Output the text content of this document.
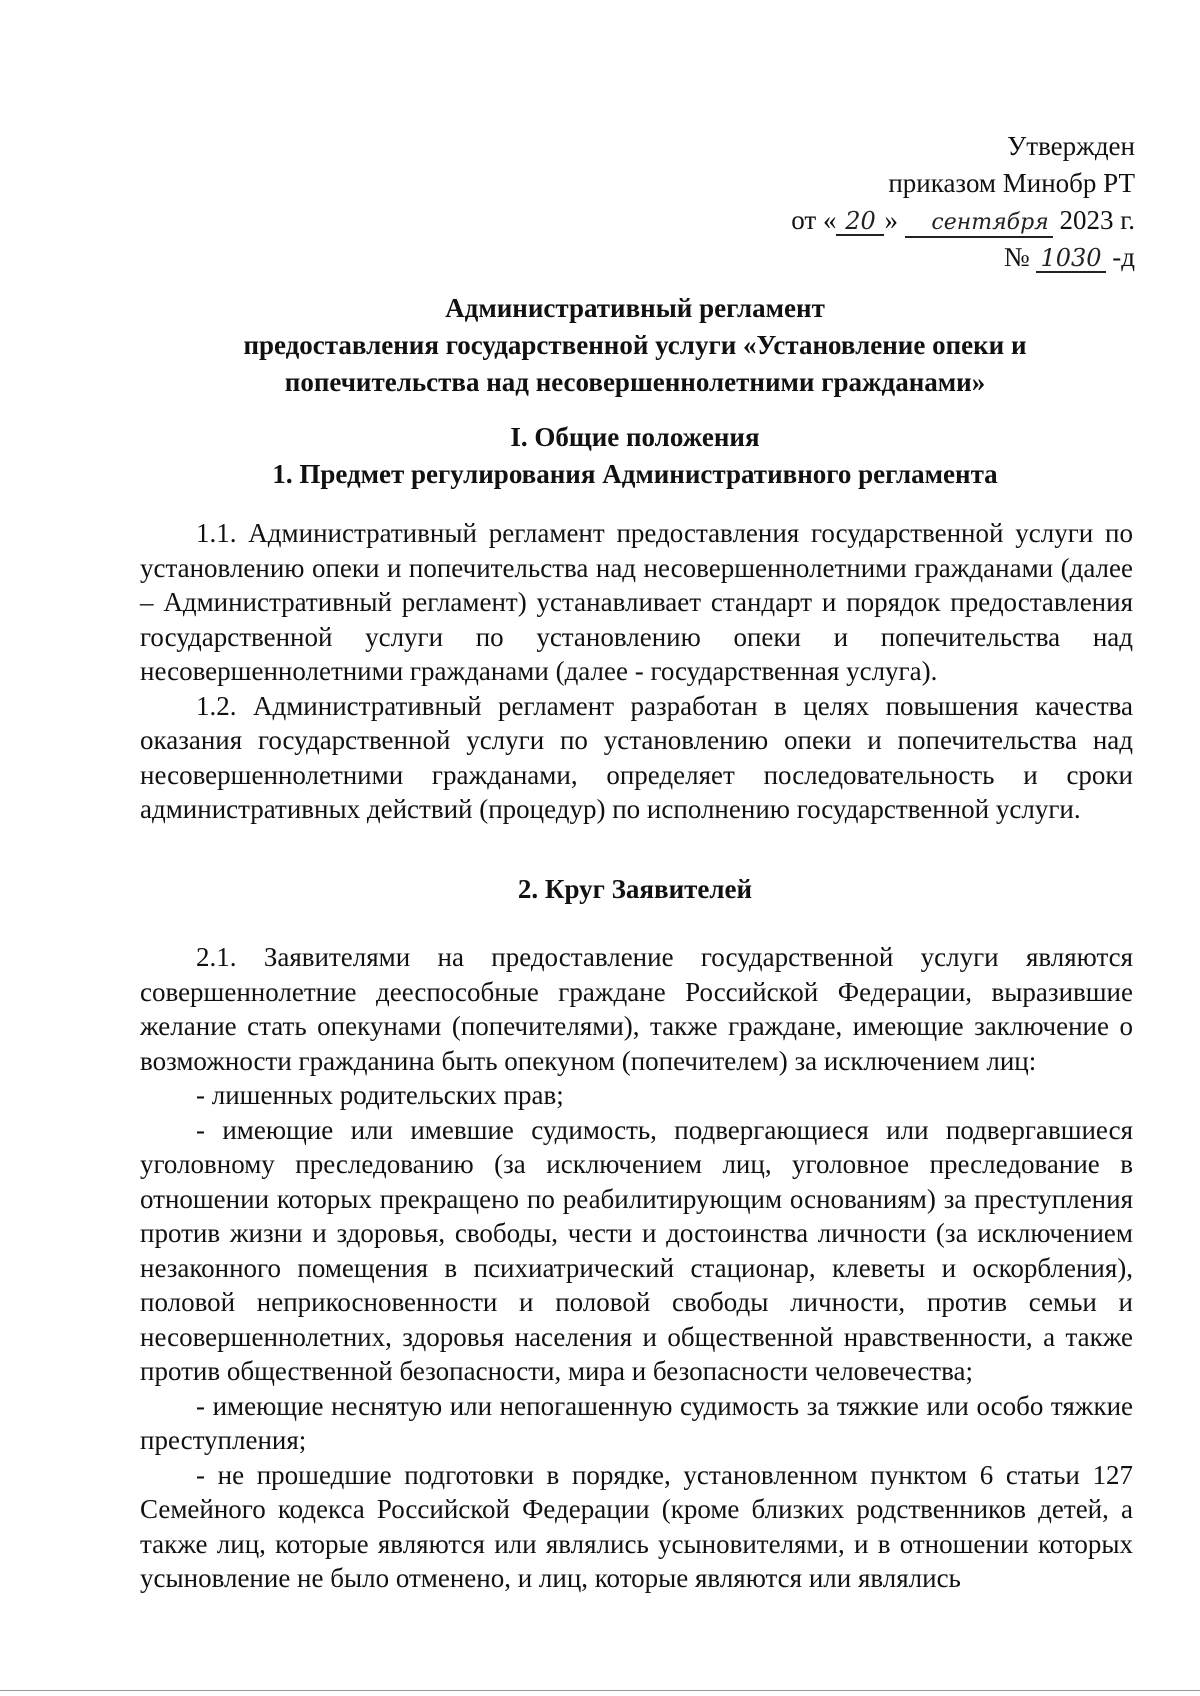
Утвержден
приказом Минобр РТ
от « 20 » сентября 2023 г.
№ 1030 -д
Административный регламент
предоставления государственной услуги «Установление опеки и
попечительства над несовершеннолетними гражданами»
I. Общие положения
1. Предмет регулирования Административного регламента

1.1. Административный регламент предоставления государственной услуги по установлению опеки и попечительства над несовершеннолетними гражданами (далее – Административный регламент) устанавливает стандарт и порядок предоставления государственной услуги по установлению опеки и попечительства над несовершеннолетними гражданами (далее - государственная услуга).

1.2. Административный регламент разработан в целях повышения качества оказания государственной услуги по установлению опеки и попечительства над несовершеннолетними гражданами, определяет последовательность и сроки административных действий (процедур) по исполнению государственной услуги.

2. Круг Заявителей

2.1. Заявителями на предоставление государственной услуги являются совершеннолетние дееспособные граждане Российской Федерации, выразившие желание стать опекунами (попечителями), также граждане, имеющие заключение о возможности гражданина быть опекуном (попечителем) за исключением лиц:

- лишенных родительских прав;

- имеющие или имевшие судимость, подвергающиеся или подвергавшиеся уголовному преследованию (за исключением лиц, уголовное преследование в отношении которых прекращено по реабилитирующим основаниям) за преступления против жизни и здоровья, свободы, чести и достоинства личности (за исключением незаконного помещения в психиатрический стационар, клеветы и оскорбления), половой неприкосновенности и половой свободы личности, против семьи и несовершеннолетних, здоровья населения и общественной нравственности, а также против общественной безопасности, мира и безопасности человечества;

- имеющие неснятую или непогашенную судимость за тяжкие или особо тяжкие преступления;

- не прошедшие подготовки в порядке, установленном пунктом 6 статьи 127 Семейного кодекса Российской Федерации (кроме близких родственников детей, а также лиц, которые являются или являлись усыновителями, и в отношении которых усыновление не было отменено, и лиц, которые являются или являлись
